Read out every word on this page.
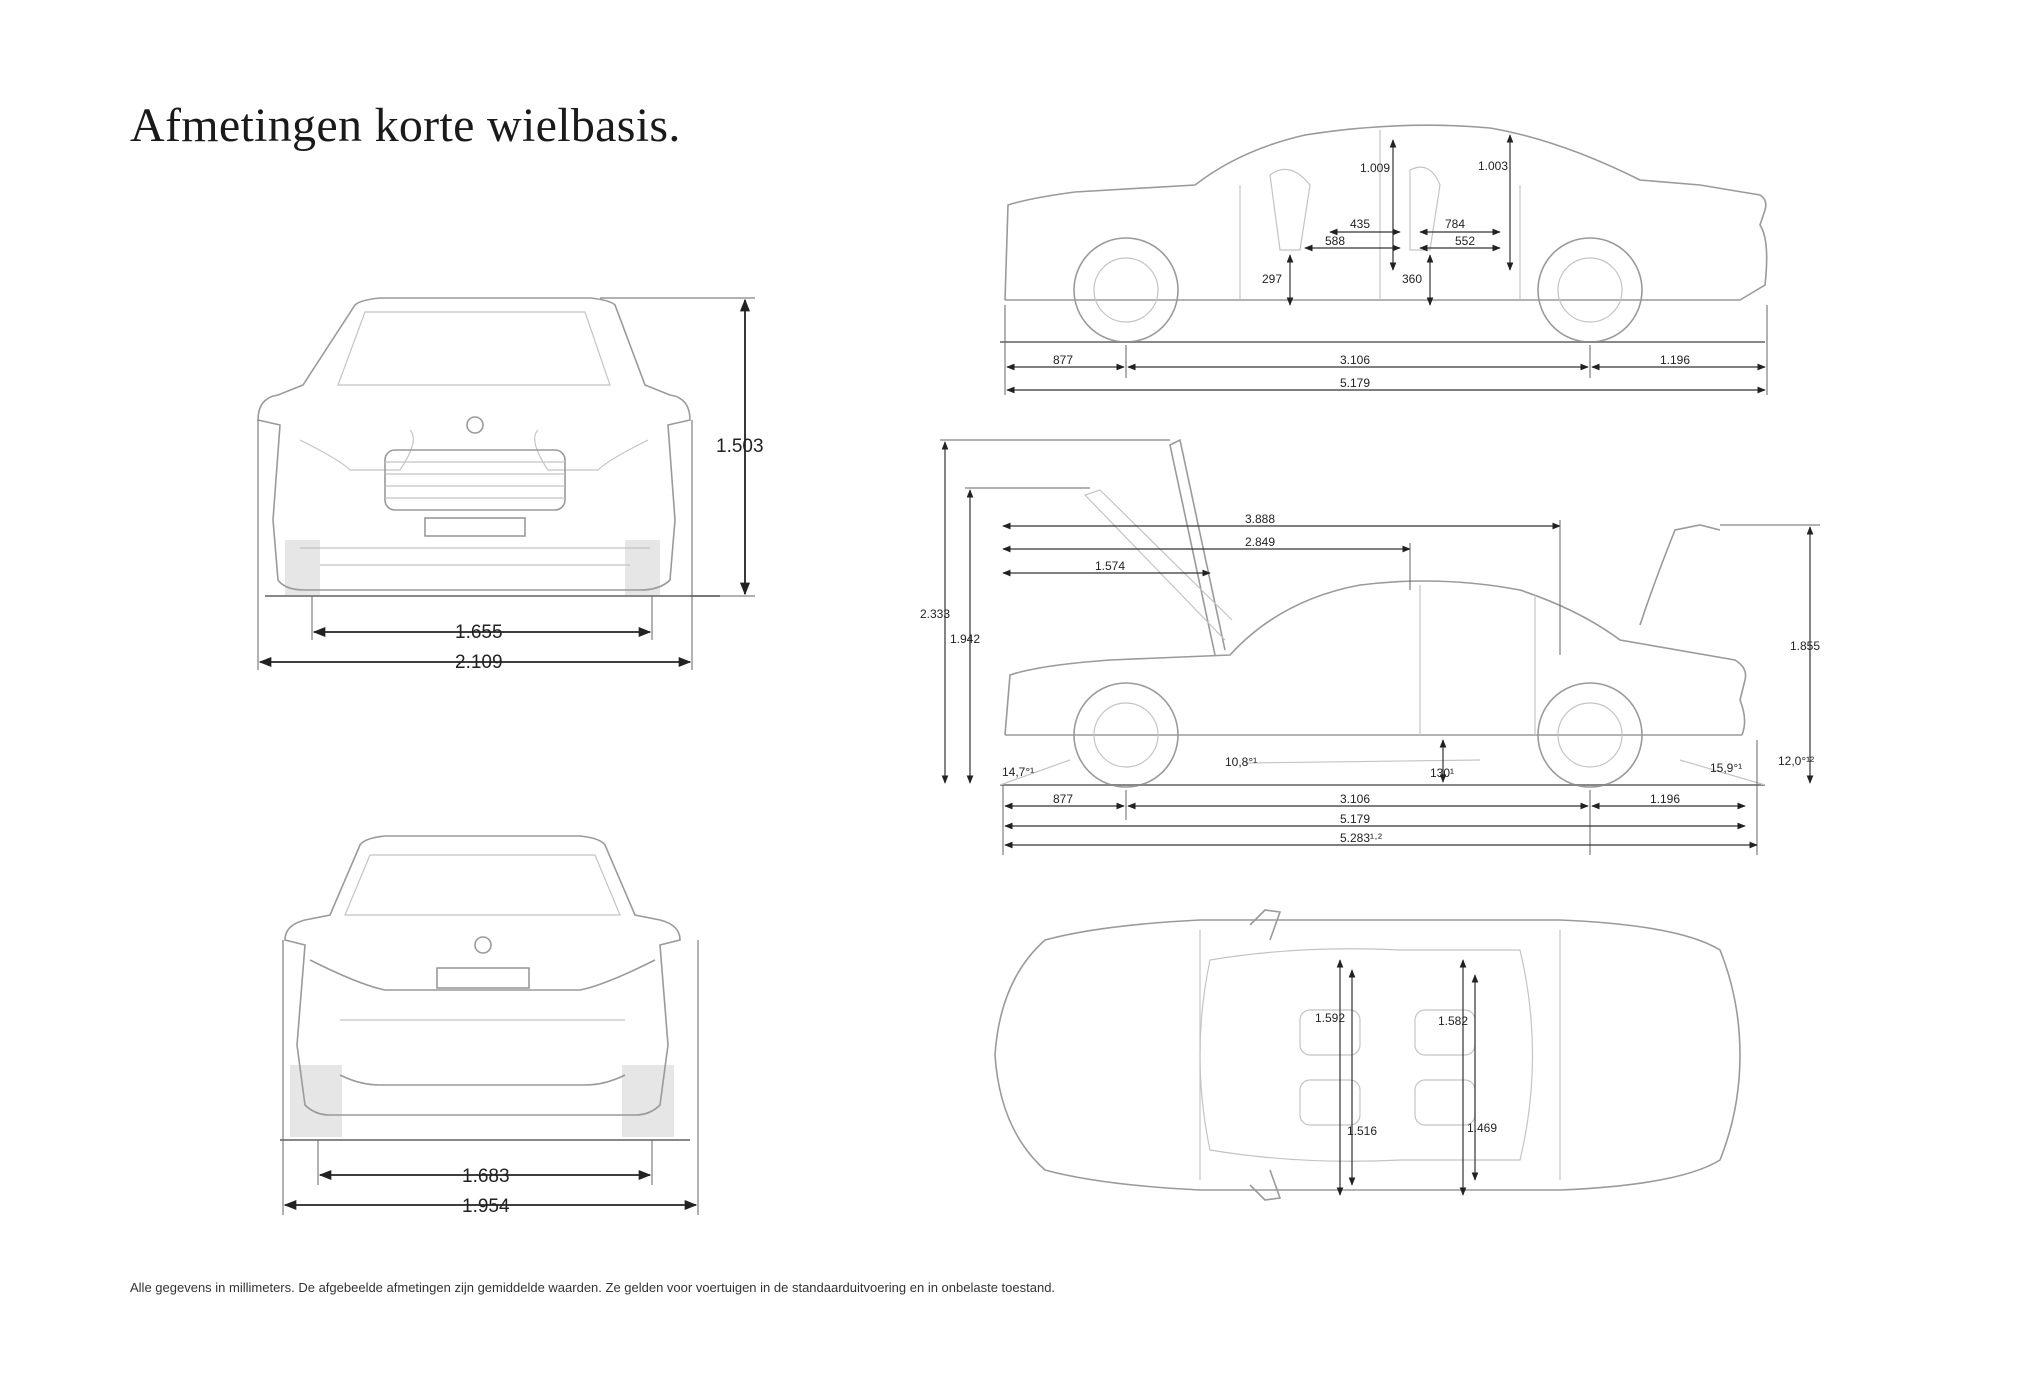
Afmetingen korte wielbasis.
1.503
1.655
2.109
1.683
1.954
1.009	1.003
435
588
784
552
297	360
877	3.106	1.196
5.179
2.333
1.942	1.855
3.888
2.849
1.574
14,7°¹
10,8°¹
130¹	15,9°¹	12,0°¹²
877	3.106	1.196
5.179
5.283¹·²
1.592	1.582
1.516	1.469
Alle gegevens in millimeters. De afgebeelde afmetingen zijn gemiddelde waarden. Ze gelden voor voertuigen in de standaarduitvoering en in onbelaste toestand.
